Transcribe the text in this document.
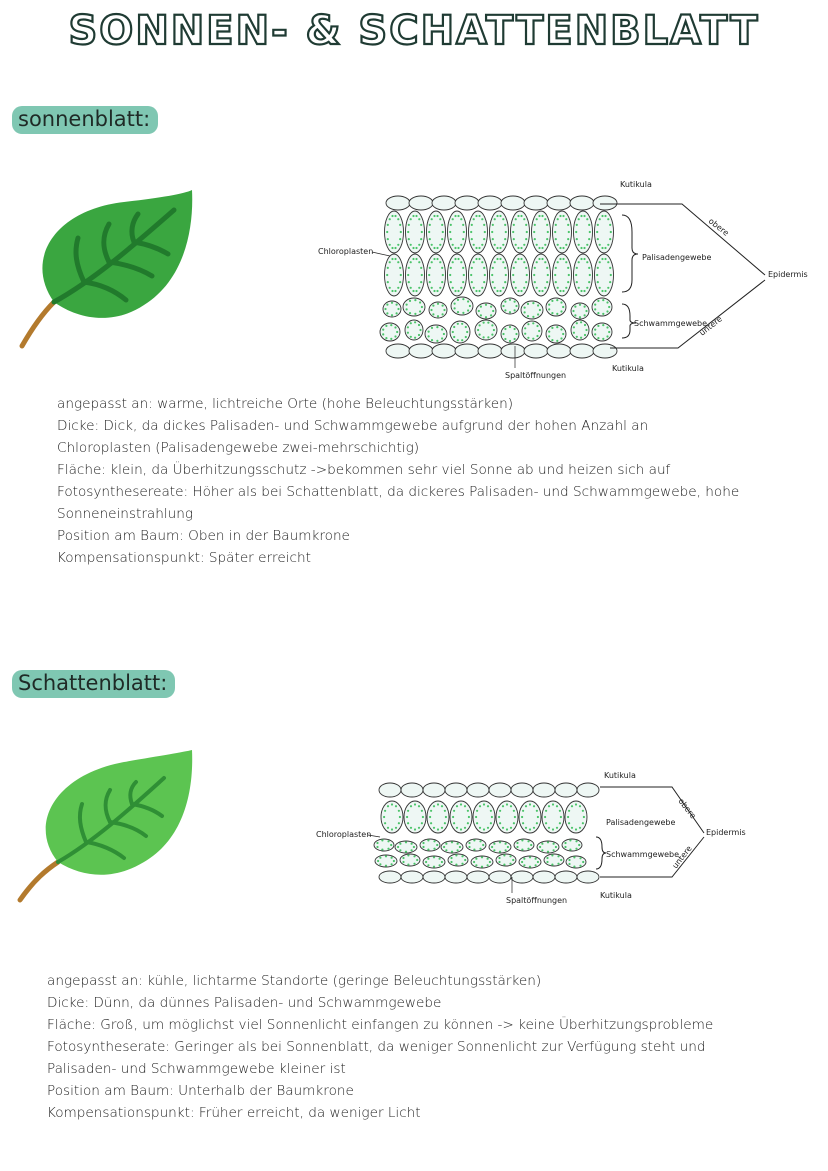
SONNEN- & SCHATTENBLATT
sonnenblatt:
Chloroplasten
Kutikula
obere
Palisadengewebe
Epidermis
Schwammgewebe
untere
Spaltöffnungen
Kutikula
angepasst an: warme, lichtreiche Orte (hohe Beleuchtungsstärken)
Dicke: Dick, da dickes Palisaden- und Schwammgewebe aufgrund der hohen Anzahl an
Chloroplasten (Palisadengewebe zwei-mehrschichtig)
Fläche: klein, da Überhitzungsschutz ->bekommen sehr viel Sonne ab und heizen sich auf
Fotosynthesereate: Höher als bei Schattenblatt, da dickeres Palisaden- und Schwammgewebe, hohe
Sonneneinstrahlung
Position am Baum: Oben in der Baumkrone
Kompensationspunkt: Später erreicht
Schattenblatt:
Chloroplasten
Kutikula
obere
Palisadengewebe
Epidermis
Schwammgewebe
untere
Spaltöffnungen
Kutikula
angepasst an: kühle, lichtarme Standorte (geringe Beleuchtungsstärken)
Dicke: Dünn, da dünnes Palisaden- und Schwammgewebe
Fläche: Groß, um möglichst viel Sonnenlicht einfangen zu können -> keine Überhitzungsprobleme
Fotosyntheserate: Geringer als bei Sonnenblatt, da weniger Sonnenlicht zur Verfügung steht und
Palisaden- und Schwammgewebe kleiner ist
Position am Baum: Unterhalb der Baumkrone
Kompensationspunkt: Früher erreicht, da weniger Licht
